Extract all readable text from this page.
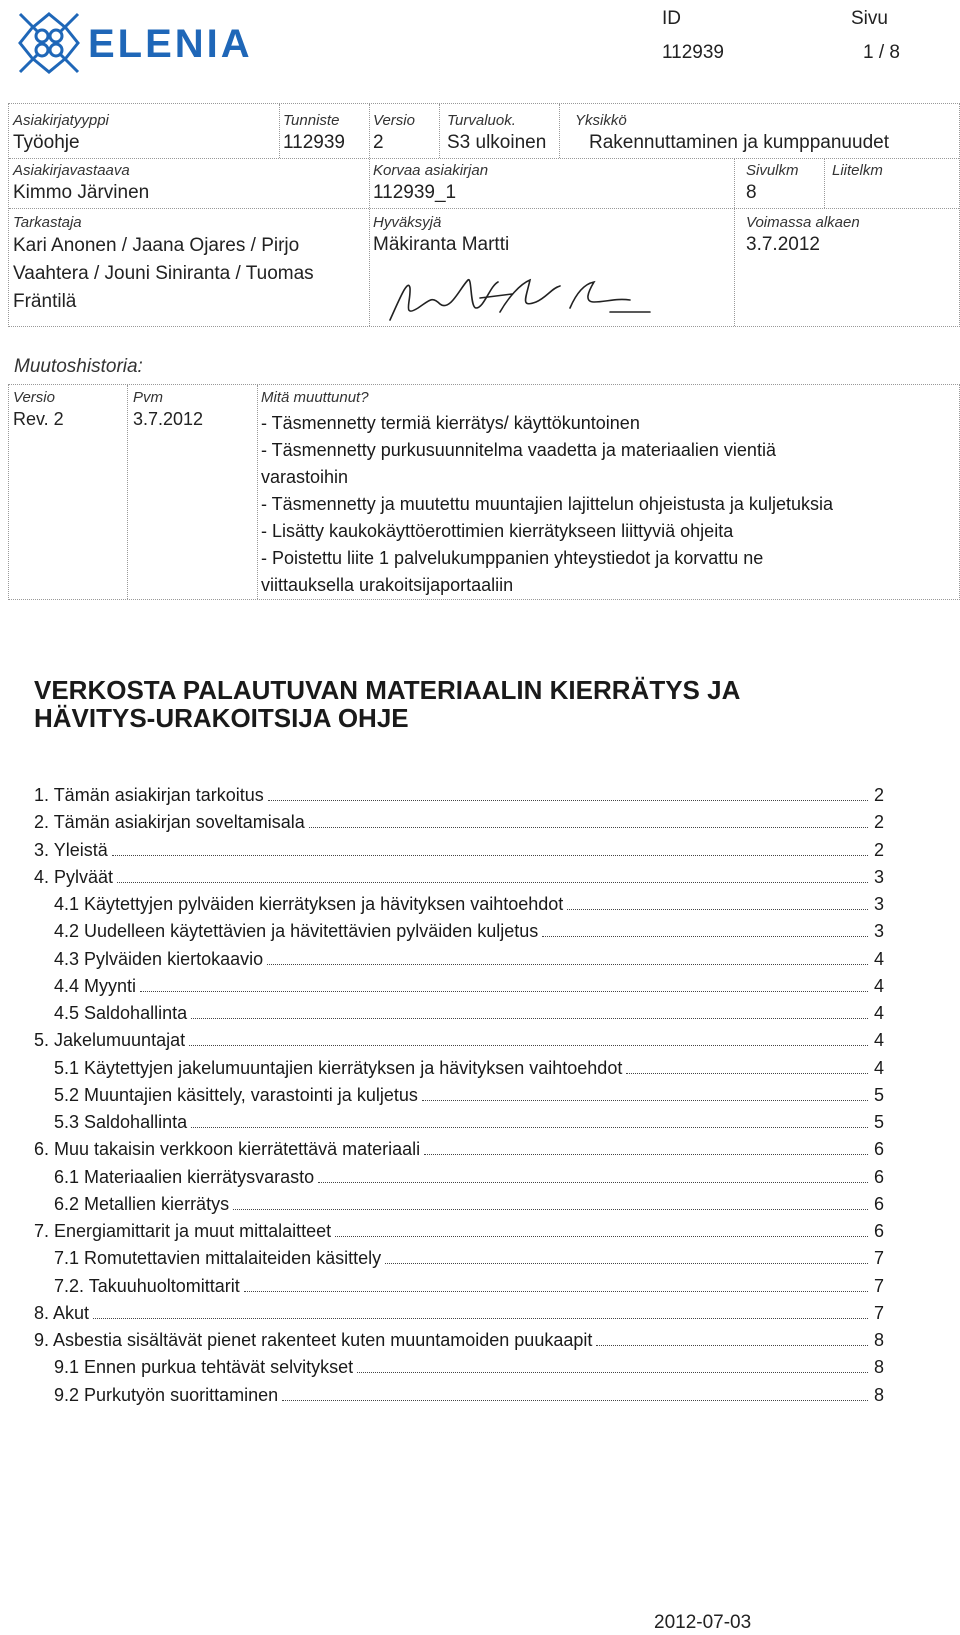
ELENIA
ID	Sivu
112939	1 / 8
Asiakirjatyyppi
Työohje
Tunniste
112939
Versio
2
Turvaluok.
S3 ulkoinen
Yksikkö
Rakennuttaminen ja kumppanuudet
Asiakirjavastaava
Kimmo Järvinen
Korvaa asiakirjan
112939_1
Sivulkm
8
Liitelkm
Tarkastaja
Kari Anonen / Jaana Ojares / Pirjo
Vaahtera / Jouni Siniranta / Tuomas
Fräntilä
Hyväksyjä
Mäkiranta Martti
Voimassa alkaen
3.7.2012
Muutoshistoria:
Versio	Pvm	Mitä muuttunut?
Rev. 2	3.7.2012	- Täsmennetty termiä kierrätys/ käyttökuntoinen
- Täsmennetty purkusuunnitelma vaadetta ja materiaalien vientiä
varastoihin
- Täsmennetty ja muutettu muuntajien lajittelun ohjeistusta ja kuljetuksia
- Lisätty kaukokäyttöerottimien kierrätykseen liittyviä ohjeita
- Poistettu liite 1 palvelukumppanien yhteystiedot ja korvattu ne
viittauksella urakoitsijaportaaliin
VERKOSTA PALAUTUVAN MATERIAALIN KIERRÄTYS JA
HÄVITYS-URAKOITSIJA OHJE
1. Tämän asiakirjan tarkoitus	2
2. Tämän asiakirjan soveltamisala	2
3. Yleistä	2
4. Pylväät	3
4.1 Käytettyjen pylväiden kierrätyksen ja hävityksen vaihtoehdot	3
4.2 Uudelleen käytettävien ja hävitettävien pylväiden kuljetus	3
4.3 Pylväiden kiertokaavio	4
4.4 Myynti	4
4.5 Saldohallinta	4
5. Jakelumuuntajat	4
5.1 Käytettyjen jakelumuuntajien kierrätyksen ja hävityksen vaihtoehdot	4
5.2 Muuntajien käsittely, varastointi ja kuljetus	5
5.3 Saldohallinta	5
6. Muu takaisin verkkoon kierrätettävä materiaali	6
6.1 Materiaalien kierrätysvarasto	6
6.2 Metallien kierrätys	6
7. Energiamittarit ja muut mittalaitteet	6
7.1 Romutettavien mittalaiteiden käsittely	7
7.2. Takuuhuoltomittarit	7
8. Akut	7
9. Asbestia sisältävät pienet rakenteet kuten muuntamoiden puukaapit	8
9.1 Ennen purkua tehtävät selvitykset	8
9.2 Purkutyön suorittaminen	8
2012-07-03
